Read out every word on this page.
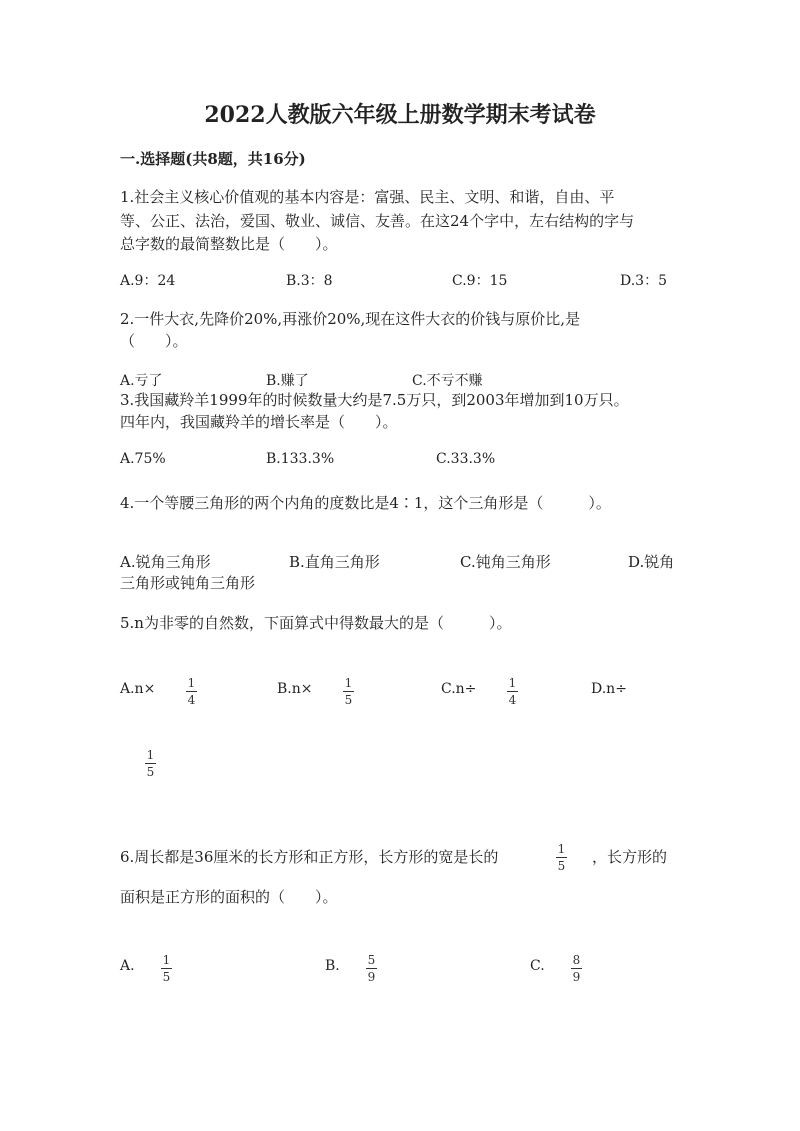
2022人教版六年级上册数学期末考试卷
一.选择题(共8题，共16分)
1.社会主义核心价值观的基本内容是：富强、民主、文明、和谐，自由、平
等、公正、法治，爱国、敬业、诚信、友善。在这24个字中，左右结构的字与
总字数的最简整数比是（　　）。
A.9：24	B.3：8	C.9：15	D.3：5
2.一件大衣,先降价20%,再涨价20%,现在这件大衣的价钱与原价比,是
（　　）。
A.亏了	B.赚了	C.不亏不赚
3.我国藏羚羊1999年的时候数量大约是7.5万只，到2003年增加到10万只。
四年内，我国藏羚羊的增长率是（　　）。
A.75%	B.133.3%	C.33.3%
4.一个等腰三角形的两个内角的度数比是4∶1，这个三角形是（　　　）。
A.锐角三角形	B.直角三角形	C.钝角三角形	D.锐角
三角形或钝角三角形
5.n为非零的自然数，下面算式中得数最大的是（　　　）。
A.n×	1
4
B.n×	1
5
C.n÷	1
4
D.n÷
1
5
6.周长都是36厘米的长方形和正方形，长方形的宽是长的	1
5 ，长方形的
面积是正方形的面积的（　　）。
A. 1
5
B. 5
9
C. 8
9
